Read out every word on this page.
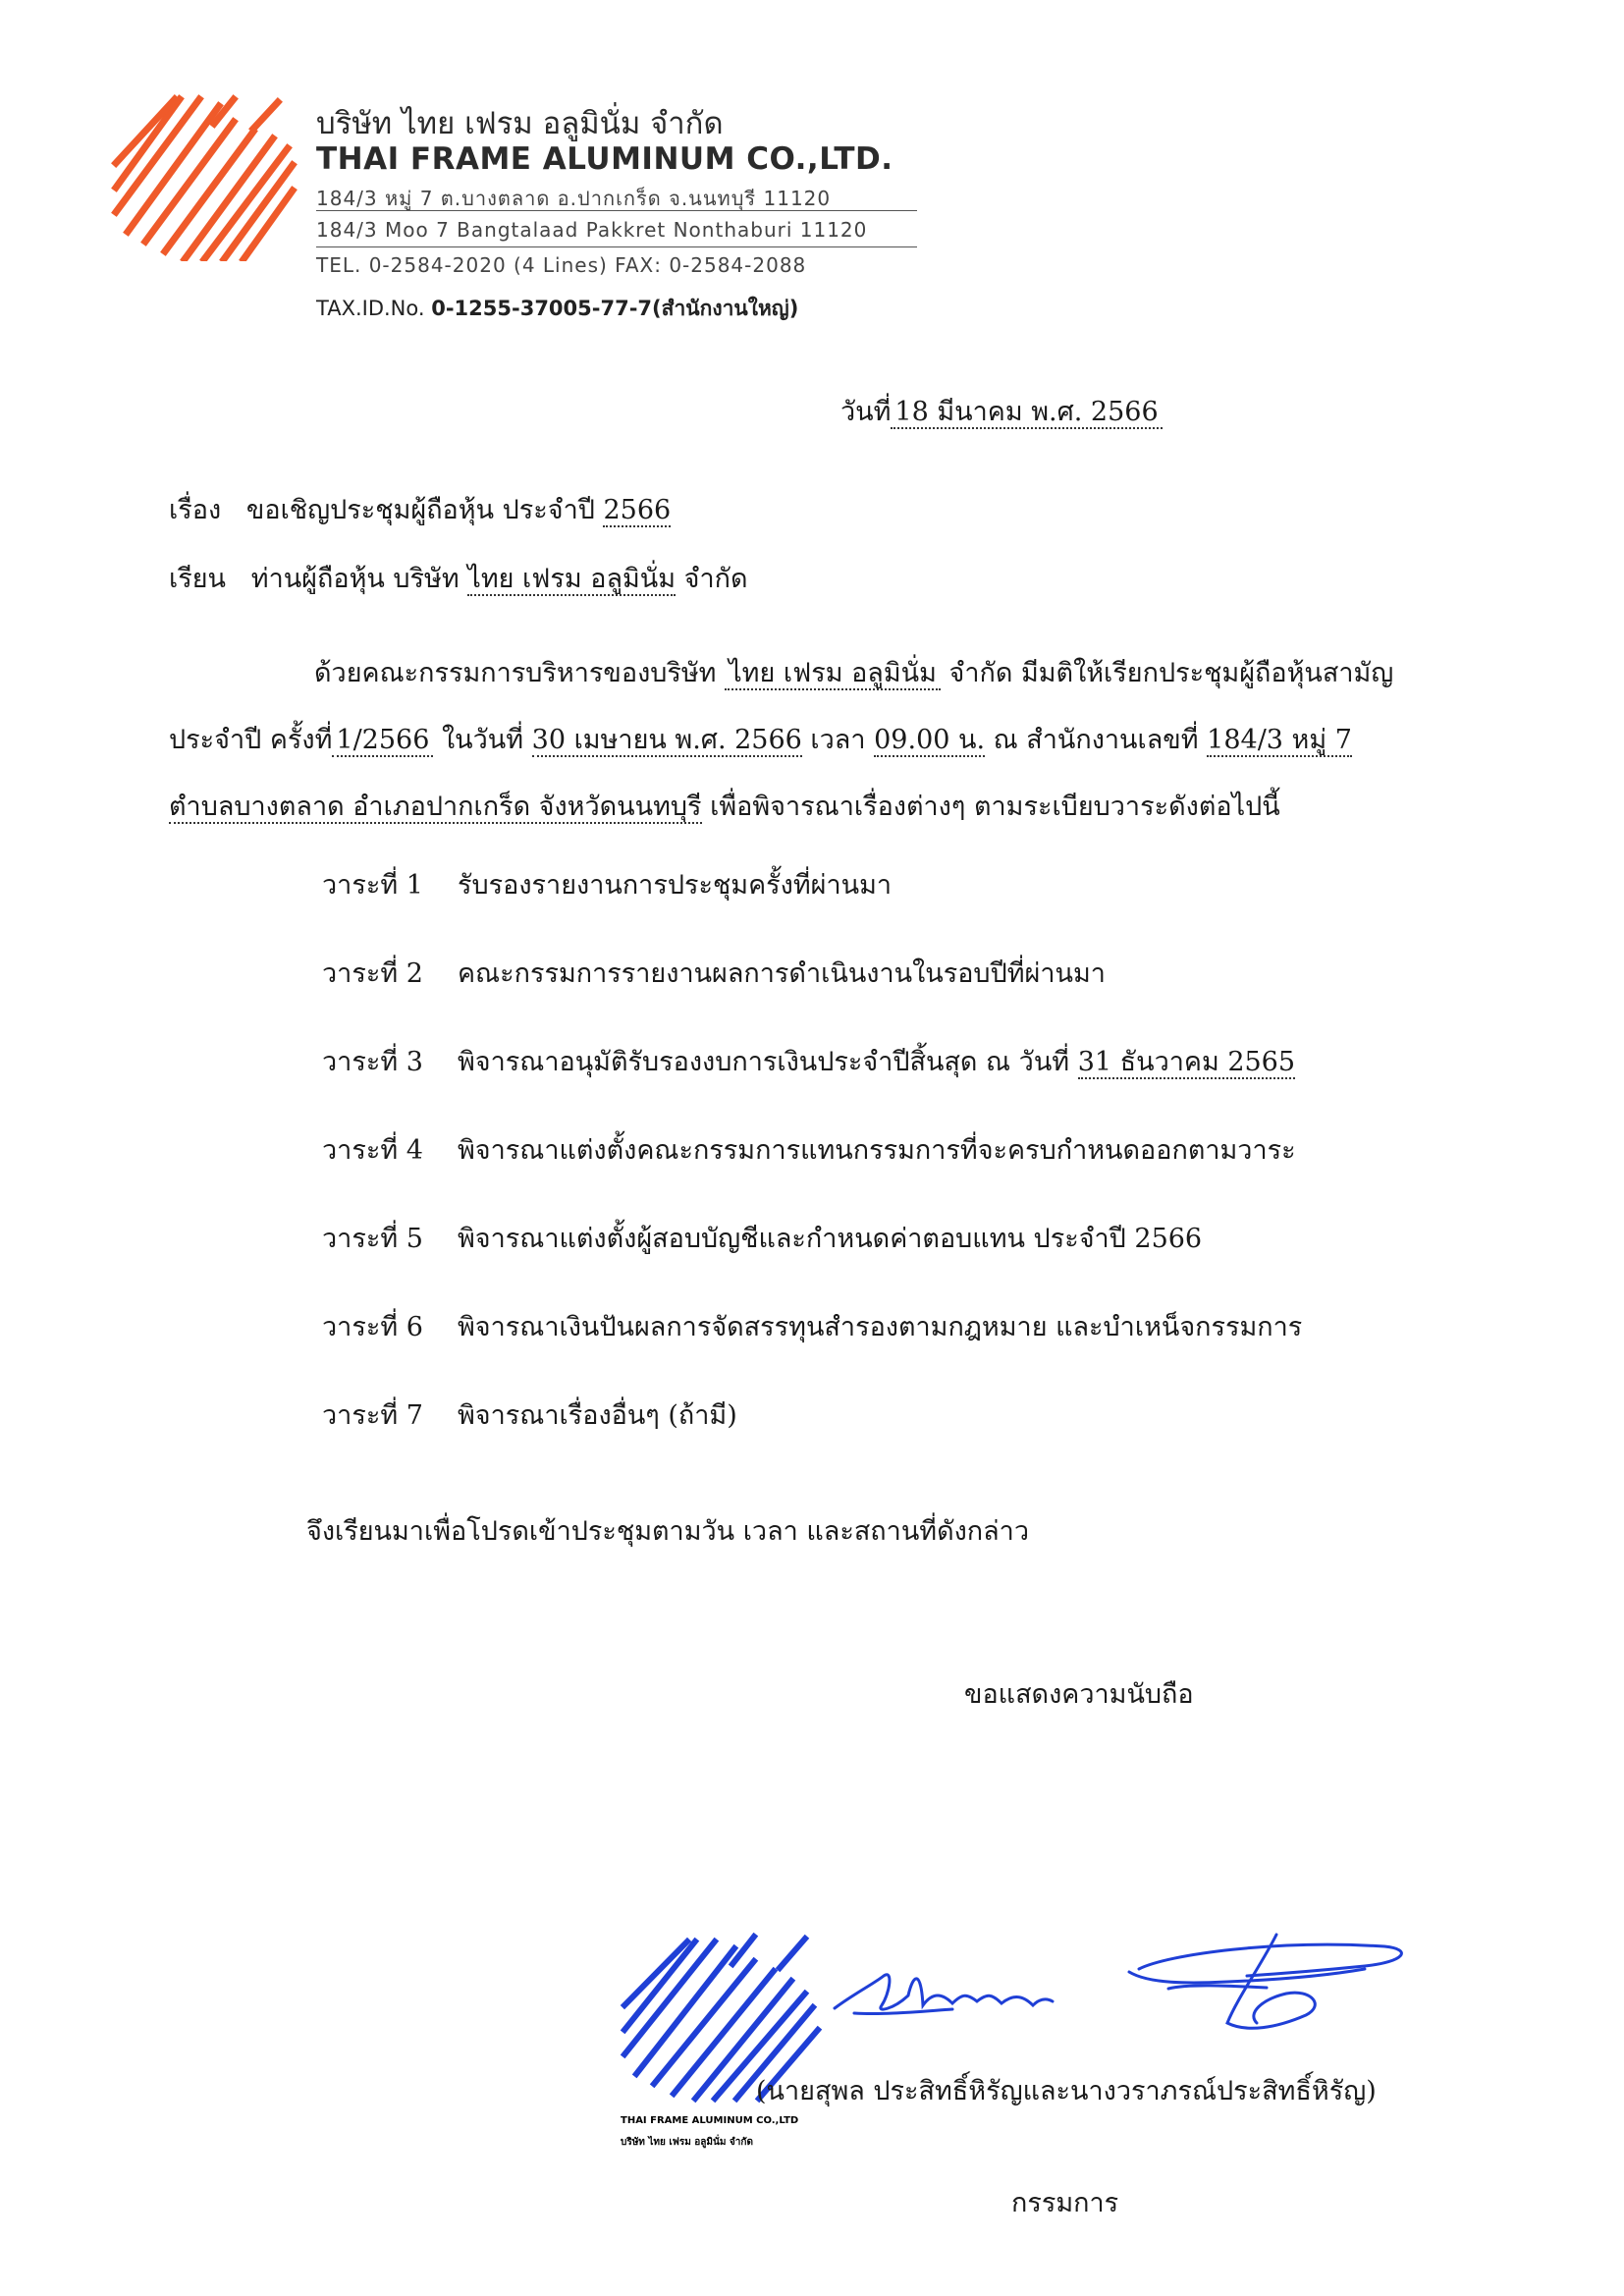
บริษัท ไทย เฟรม อลูมินั่ม จำกัด
THAI FRAME ALUMINUM CO.,LTD.
184/3 หมู่ 7 ต.บางตลาด อ.ปากเกร็ด จ.นนทบุรี 11120
184/3 Moo 7 Bangtalaad Pakkret Nonthaburi 11120
TEL. 0-2584-2020 (4 Lines) FAX: 0-2584-2088
TAX.ID.No. 0-1255-37005-77-7(สำนักงานใหญ่)
วันที่ 18 มีนาคม พ.ศ. 2566
เรื่อง ขอเชิญประชุมผู้ถือหุ้น ประจำปี 2566
เรียน ท่านผู้ถือหุ้น บริษัท ไทย เฟรม อลูมินั่ม จำกัด
ด้วยคณะกรรมการบริหารของบริษัท ไทย เฟรม อลูมินั่ม จำกัด มีมติให้เรียกประชุมผู้ถือหุ้นสามัญ
ประจำปี ครั้งที่ 1/2566 ในวันที่ 30 เมษายน พ.ศ. 2566 เวลา 09.00 น. ณ สำนักงานเลขที่ 184/3 หมู่ 7
ตำบลบางตลาด อำเภอปากเกร็ด จังหวัดนนทบุรี เพื่อพิจารณาเรื่องต่างๆ ตามระเบียบวาระดังต่อไปนี้
วาระที่ 1 รับรองรายงานการประชุมครั้งที่ผ่านมา
วาระที่ 2 คณะกรรมการรายงานผลการดำเนินงานในรอบปีที่ผ่านมา
วาระที่ 3 พิจารณาอนุมัติรับรองงบการเงินประจำปีสิ้นสุด ณ วันที่ 31 ธันวาคม 2565
วาระที่ 4 พิจารณาแต่งตั้งคณะกรรมการแทนกรรมการที่จะครบกำหนดออกตามวาระ
วาระที่ 5 พิจารณาแต่งตั้งผู้สอบบัญชีและกำหนดค่าตอบแทน ประจำปี 2566
วาระที่ 6 พิจารณาเงินปันผลการจัดสรรทุนสำรองตามกฎหมาย และบำเหน็จกรรมการ
วาระที่ 7 พิจารณาเรื่องอื่นๆ (ถ้ามี)
จึงเรียนมาเพื่อโปรดเข้าประชุมตามวัน เวลา และสถานที่ดังกล่าว
ขอแสดงความนับถือ
THAI FRAME ALUMINUM CO.,LTD
บริษัท ไทย เฟรม อลูมินั่ม จำกัด
(นายสุพล ประสิทธิ์หิรัญและนางวราภรณ์ประสิทธิ์หิรัญ)
กรรมการ
